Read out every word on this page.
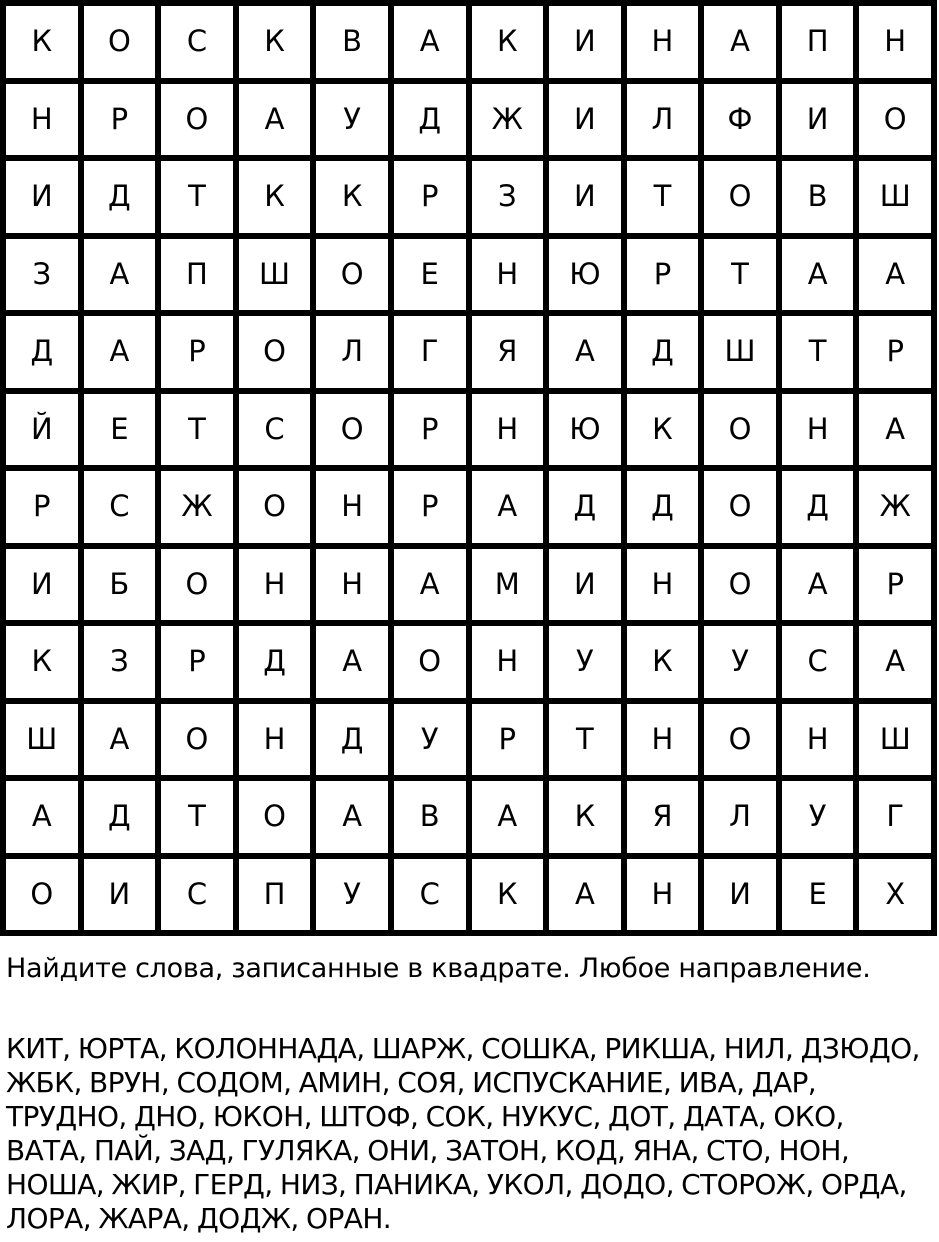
К	О	С	К	В	А	К	И	Н	А	П	Н
Н	Р	О	А	У	Д	Ж	И	Л	Ф	И	О
И	Д	Т	К	К	Р	З	И	Т	О	В	Ш
З	А	П	Ш	О	Е	Н	Ю	Р	Т	А	А
Д	А	Р	О	Л	Г	Я	А	Д	Ш	Т	Р
Й	Е	Т	С	О	Р	Н	Ю	К	О	Н	А
Р	С	Ж	О	Н	Р	А	Д	Д	О	Д	Ж
И	Б	О	Н	Н	А	М	И	Н	О	А	Р
К	З	Р	Д	А	О	Н	У	К	У	С	А
Ш	А	О	Н	Д	У	Р	Т	Н	О	Н	Ш
А	Д	Т	О	А	В	А	К	Я	Л	У	Г
О	И	С	П	У	С	К	А	Н	И	Е	Х

Найдите слова, записанные в квадрате. Любое направление.

КИТ, ЮРТА, КОЛОННАДА, ШАРЖ, СОШКА, РИКША, НИЛ, ДЗЮДО, ЖБК, ВРУН, СОДОМ, АМИН, СОЯ, ИСПУСКАНИЕ, ИВА, ДАР, ТРУДНО, ДНО, ЮКОН, ШТОФ, СОК, НУКУС, ДОТ, ДАТА, ОКО, ВАТА, ПАЙ, ЗАД, ГУЛЯКА, ОНИ, ЗАТОН, КОД, ЯНА, СТО, НОН, НОША, ЖИР, ГЕРД, НИЗ, ПАНИКА, УКОЛ, ДОДО, СТОРОЖ, ОРДА, ЛОРА, ЖАРА, ДОДЖ, ОРАН.
